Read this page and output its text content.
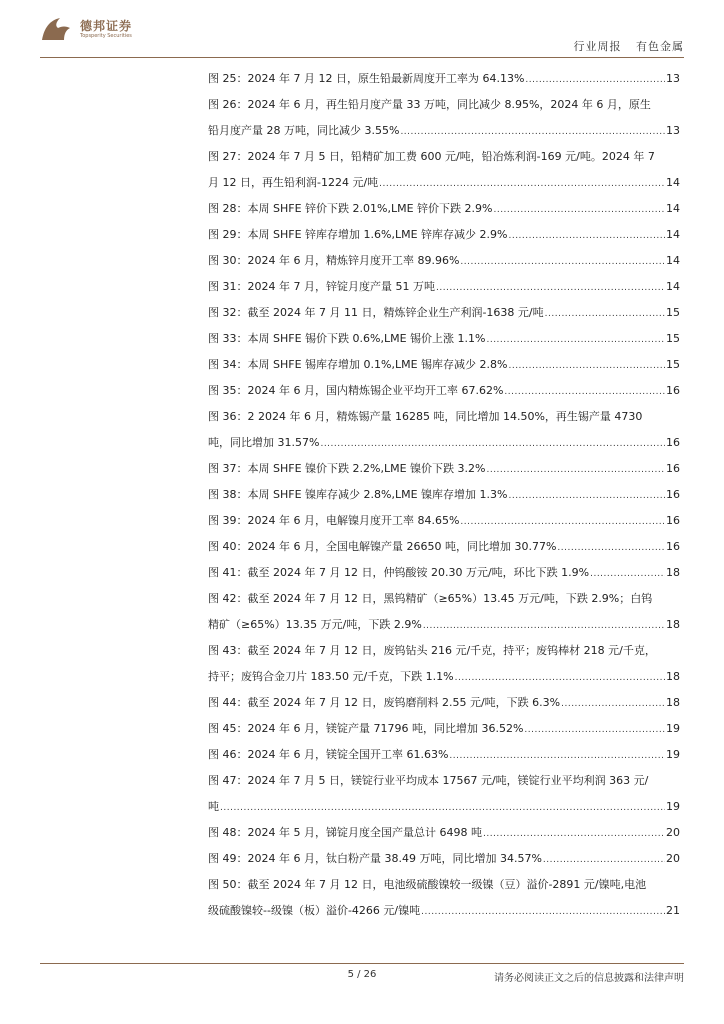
德邦证券
Topsperity Securities
行业周报 有色金属
图 25：2024 年 7 月 12 日，原生铅最新周度开工率为 64.13% .....	13
图 26：2024 年 6 月，再生铅月度产量 33 万吨，同比减少 8.95%，2024 年 6 月，原生
铅月度产量 28 万吨，同比减少 3.55% .....	13
图 27：2024 年 7 月 5 日，铅精矿加工费 600 元/吨，铅冶炼利润-169 元/吨。2024 年 7
月 12 日，再生铅利润-1224 元/吨 .....	14
图 28：本周 SHFE 锌价下跌 2.01%,LME 锌价下跌 2.9% .....	14
图 29：本周 SHFE 锌库存增加 1.6%,LME 锌库存减少 2.9% .....	14
图 30：2024 年 6 月，精炼锌月度开工率 89.96% .....	14
图 31：2024 年 7 月，锌锭月度产量 51 万吨 .....	14
图 32：截至 2024 年 7 月 11 日，精炼锌企业生产利润-1638 元/吨 .....	15
图 33：本周 SHFE 锡价下跌 0.6%,LME 锡价上涨 1.1% .....	15
图 34：本周 SHFE 锡库存增加 0.1%,LME 锡库存减少 2.8% .....	15
图 35：2024 年 6 月，国内精炼锡企业平均开工率 67.62% .....	16
图 36：2 2024 年 6 月，精炼锡产量 16285 吨，同比增加 14.50%，再生锡产量 4730
吨，同比增加 31.57% .....	16
图 37：本周 SHFE 镍价下跌 2.2%,LME 镍价下跌 3.2% .....	16
图 38：本周 SHFE 镍库存减少 2.8%,LME 镍库存增加 1.3% .....	16
图 39：2024 年 6 月，电解镍月度开工率 84.65% .....	16
图 40：2024 年 6 月，全国电解镍产量 26650 吨，同比增加 30.77% .....	16
图 41：截至 2024 年 7 月 12 日，仲钨酸铵 20.30 万元/吨，环比下跌 1.9% .....	18
图 42：截至 2024 年 7 月 12 日，黑钨精矿（≥65%）13.45 万元/吨，下跌 2.9%；白钨
精矿（≥65%）13.35 万元/吨，下跌 2.9% .....	18
图 43：截至 2024 年 7 月 12 日，废钨钻头 216 元/千克，持平；废钨棒材 218 元/千克，
持平；废钨合金刀片 183.50 元/千克，下跌 1.1% .....	18
图 44：截至 2024 年 7 月 12 日，废钨磨削料 2.55 元/吨，下跌 6.3% .....	18
图 45：2024 年 6 月，镁锭产量 71796 吨，同比增加 36.52% .....	19
图 46：2024 年 6 月，镁锭全国开工率 61.63% .....	19
图 47：2024 年 7 月 5 日，镁锭行业平均成本 17567 元/吨，镁锭行业平均利润 363 元/
吨 .....	19
图 48：2024 年 5 月，锑锭月度全国产量总计 6498 吨 .....	20
图 49：2024 年 6 月，钛白粉产量 38.49 万吨，同比增加 34.57% .....	20
图 50：截至 2024 年 7 月 12 日，电池级硫酸镍较一级镍（豆）溢价-2891 元/镍吨,电池
级硫酸镍较--级镍（板）溢价-4266 元/镍吨 .....	21
5 / 26	请务必阅读正文之后的信息披露和法律声明
